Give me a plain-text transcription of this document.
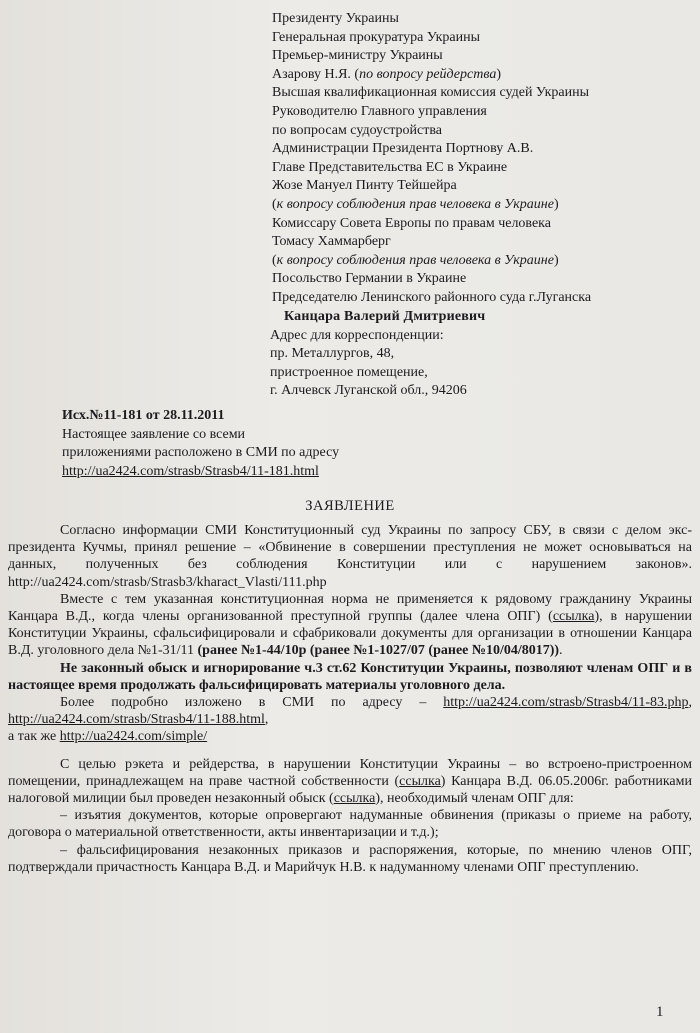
Президенту Украины
Генеральная прокуратура Украины
Премьер-министру Украины
Азарову Н.Я. (по вопросу рейдерства)
Высшая квалификационная комиссия судей Украины
Руководителю Главного управления
по вопросам судоустройства
Администрации Президента Портнову А.В.
Главе Представительства ЕС в Украине
Жозе Мануел Пинту Тейшейра
(к вопросу соблюдения прав человека в Украине)
Комиссару Совета Европы по правам человека
Томасу Хаммарберг
(к вопросу соблюдения прав человека в Украине)
Посольство Германии в Украине
Председателю Ленинского районного суда г.Луганска
Канцара Валерий Дмитриевич
Адрес для корреспонденции:
пр. Металлургов, 48,
пристроенное помещение,
г. Алчевск Луганской обл., 94206
Исх.№11-181 от 28.11.2011
Настоящее заявление со всеми
приложениями расположено в СМИ по адресу
http://ua2424.com/strasb/Strasb4/11-181.html
ЗАЯВЛЕНИЕ

Согласно информации СМИ Конституционный суд Украины по запросу СБУ, в связи с делом экс-президента Кучмы, принял решение – «Обвинение в совершении преступления не может основываться на данных, полученных без соблюдения Конституции или с нарушением законов». http://ua2424.com/strasb/Strasb3/kharact_Vlasti/111.php

Вместе с тем указанная конституционная норма не применяется к рядовому гражданину Украины Канцара В.Д., когда члены организованной преступной группы (далее члена ОПГ) (ссылка), в нарушении Конституции Украины, сфальсифицировали и сфабриковали документы для организации в отношении Канцара В.Д. уголовного дела №1-31/11 (ранее №1-44/10р (ранее №1-1027/07 (ранее №10/04/8017)).

Не законный обыск и игнорирование ч.3 ст.62 Конституции Украины, позволяют членам ОПГ и в настоящее время продолжать фальсифицировать материалы уголовного дела.

Более подробно изложено в СМИ по адресу – http://ua2424.com/strasb/Strasb4/11-83.php, http://ua2424.com/strasb/Strasb4/11-188.html,
а так же http://ua2424.com/simple/

С целью рэкета и рейдерства, в нарушении Конституции Украины – во встроено-пристроенном помещении, принадлежащем на праве частной собственности (ссылка) Канцара В.Д. 06.05.2006г. работниками налоговой милиции был проведен незаконный обыск (ссылка), необходимый членам ОПГ для:

– изъятия документов, которые опровергают надуманные обвинения (приказы о приеме на работу, договора о материальной ответственности, акты инвентаризации и т.д.);

– фальсифицирования незаконных приказов и распоряжения, которые, по мнению членов ОПГ, подтверждали причастность Канцара В.Д. и Марийчук Н.В. к надуманному членами ОПГ преступлению.

1
